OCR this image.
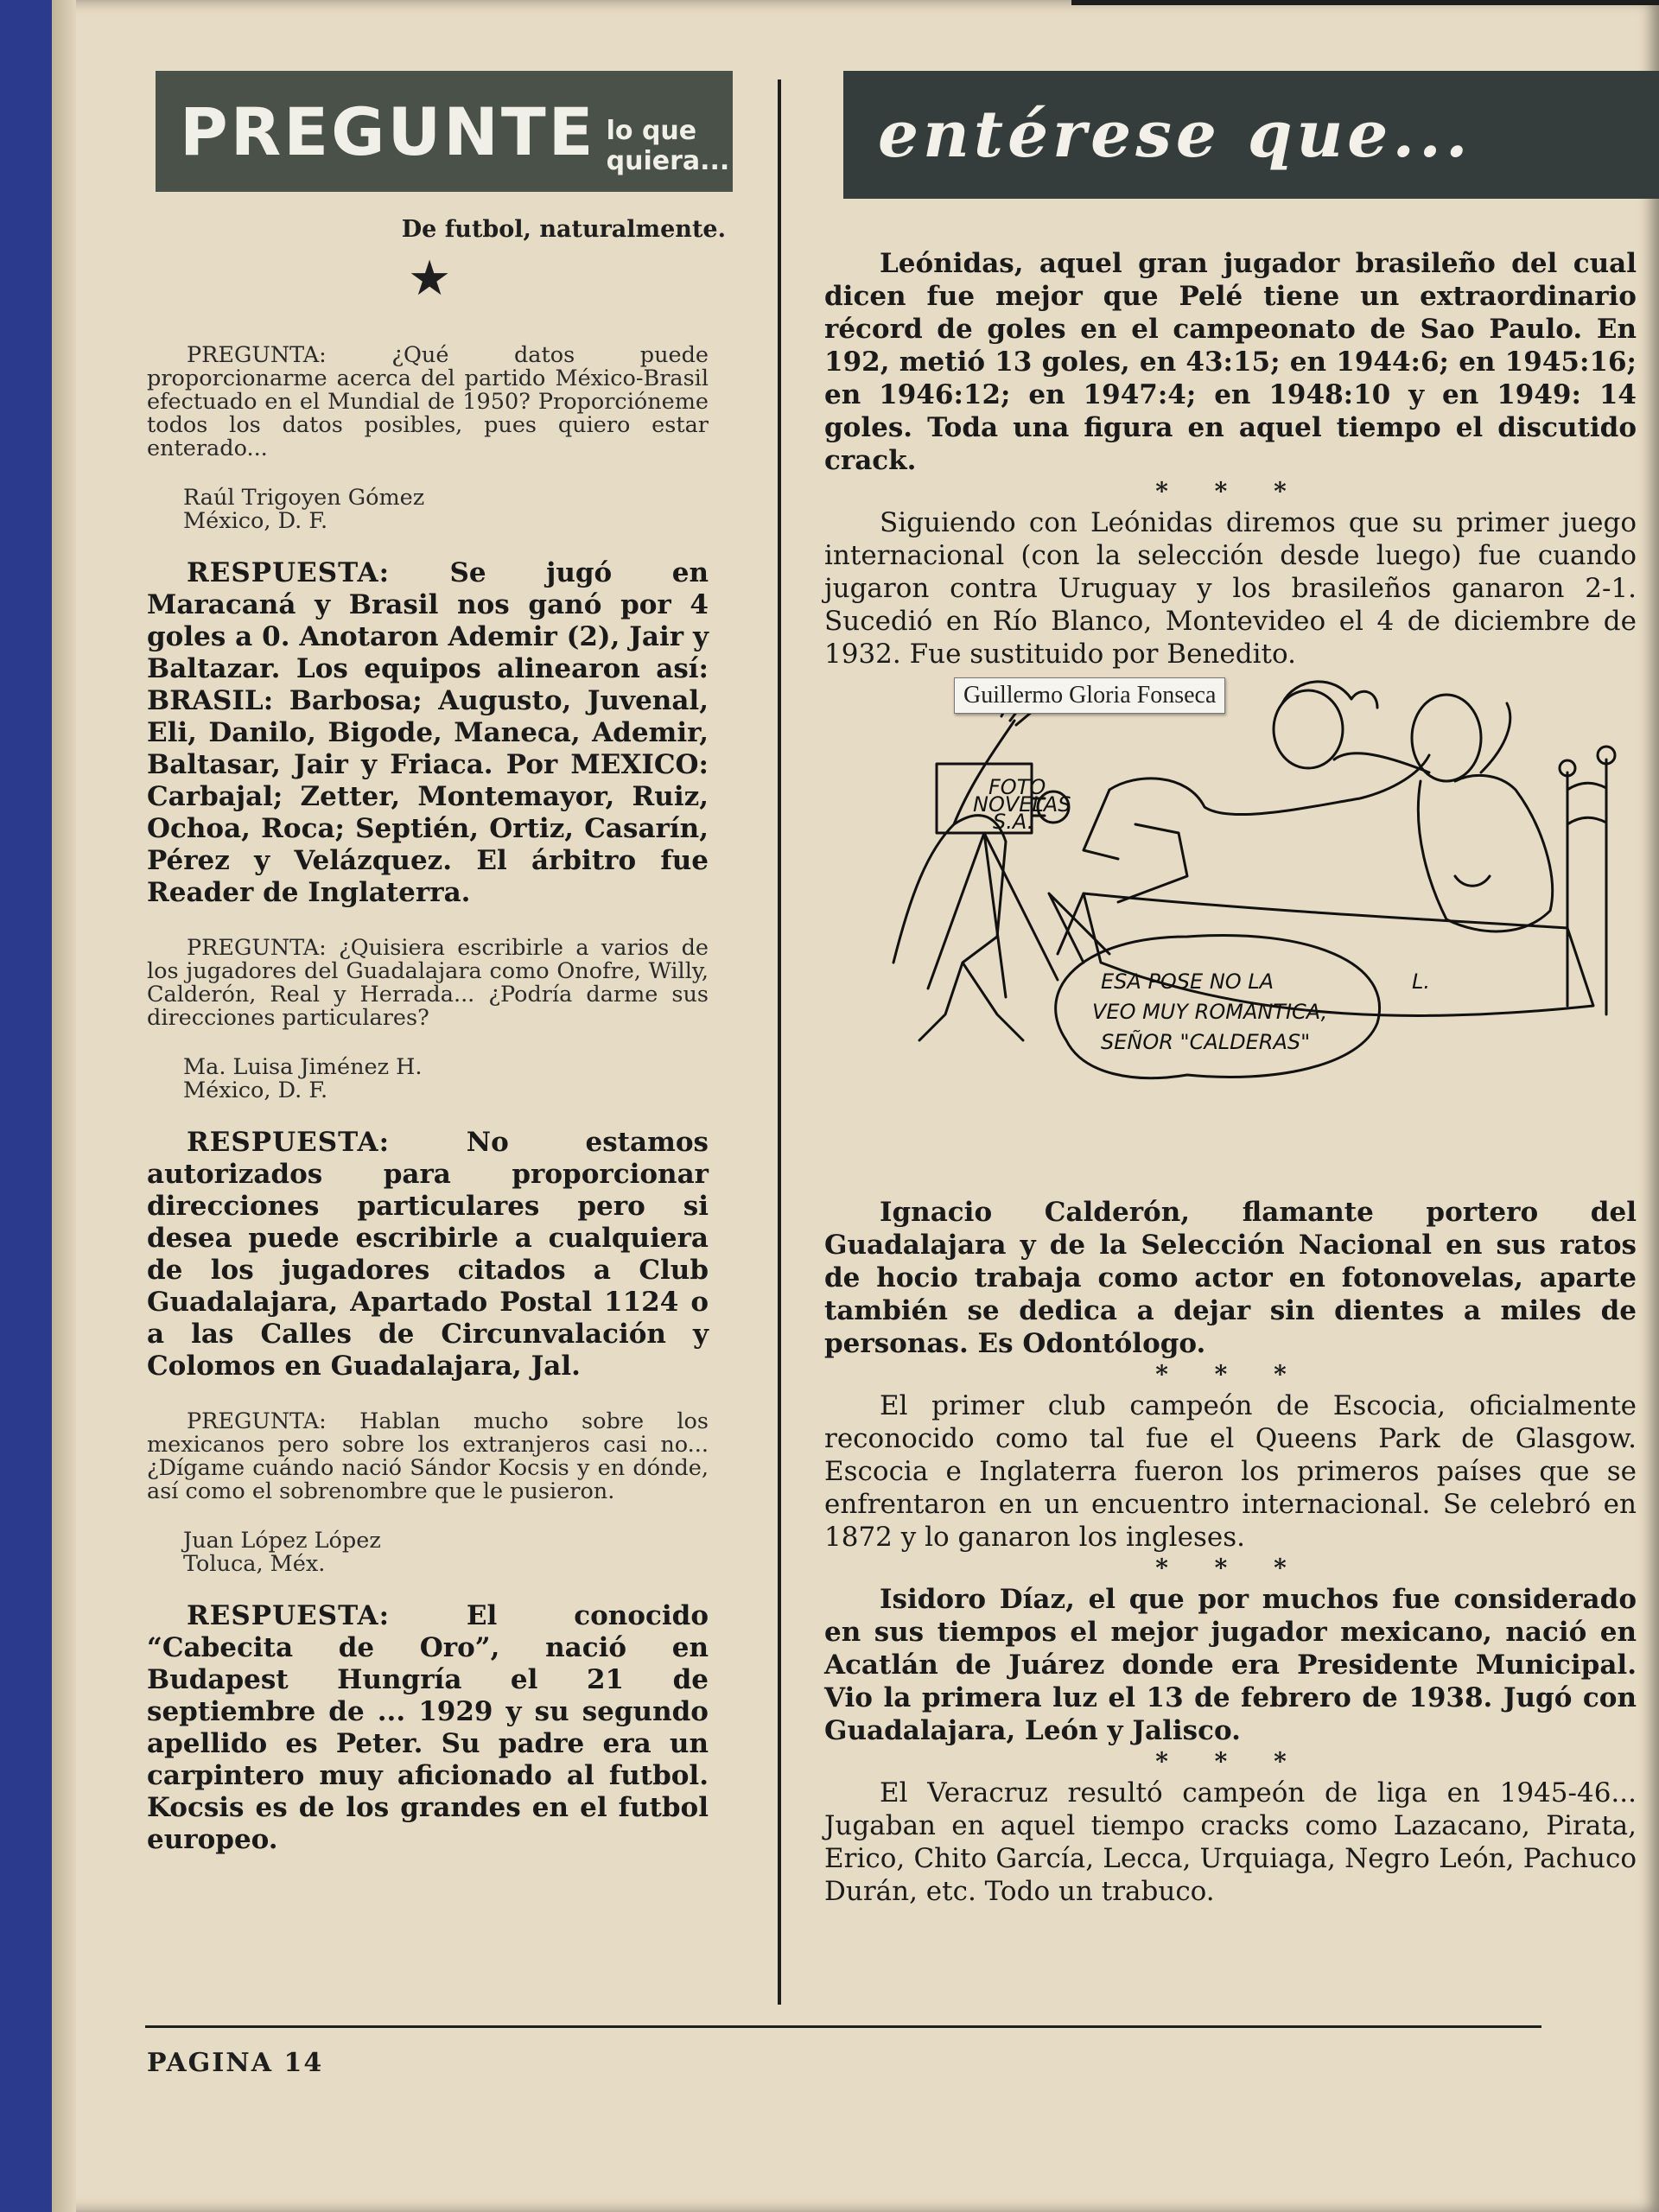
PREGUNTE lo que quiera...
De futbol, naturalmente.
★
entérese que...

PREGUNTA: ¿Qué datos puede proporcionarme acerca del partido México-Brasil efectuado en el Mundial de 1950? Proporcióneme todos los datos posibles, pues quiero estar enterado...

Raúl Trigoyen Gómez
México, D. F.

RESPUESTA: Se jugó en Maracaná y Brasil nos ganó por 4 goles a 0. Anotaron Ademir (2), Jair y Baltazar. Los equipos alinearon así: BRASIL: Barbosa; Augusto, Juvenal, Eli, Danilo, Bigode, Maneca, Ademir, Baltasar, Jair y Friaca. Por MEXICO: Carbajal; Zetter, Montemayor, Ruiz, Ochoa, Roca; Septién, Ortiz, Casarín, Pérez y Velázquez. El árbitro fue Reader de Inglaterra.

PREGUNTA: ¿Quisiera escribirle a varios de los jugadores del Guadalajara como Onofre, Willy, Calderón, Real y Herrada... ¿Podría darme sus direcciones particulares?

Ma. Luisa Jiménez H.
México, D. F.

RESPUESTA:	No estamos autorizados para proporcionar direcciones particulares pero si desea puede escribirle a cualquiera de los jugadores citados a Club Guadalajara, Apartado Postal 1124 o a las Calles de Circunvalación y Colomos en Guadalajara, Jal.

PREGUNTA: Hablan mucho sobre los mexicanos pero sobre los extranjeros casi no... ¿Dígame cuándo nació Sándor Kocsis y en dónde, así como el sobrenombre que le pusieron.

Juan López López
Toluca, Méx.

RESPUESTA:	El conocido “Cabecita de Oro”, nació en Budapest Hungría el 21 de septiembre de ... 1929 y su segundo apellido es Peter. Su padre era un carpintero muy aficionado al futbol. Kocsis es de los grandes en el futbol europeo.

Leónidas, aquel gran jugador brasileño del cual dicen fue mejor que Pelé tiene un extraordinario récord de goles en el campeonato de Sao Paulo. En 192, metió 13 goles, en 43:15; en 1944:6; en 1945:16; en 1946:12; en 1947:4; en 1948:10 y en 1949: 14 goles. Toda una figura en aquel tiempo el discutido crack.

* * *

Siguiendo con Leónidas diremos que su primer juego internacional (con la selección desde luego) fue cuando jugaron contra Uruguay y los brasileños ganaron 2-1. Sucedió en Río Blanco, Montevideo el 4 de diciembre de 1932. Fue sustituido por Benedito.

Guillermo Gloria Fonseca
FOTO
NOVELAS
S.A.
ESA POSE NO LA
VEO MUY ROMANTICA,
SEÑOR "CALDERAS"
L.

Ignacio Calderón, flamante portero del Guadalajara y de la Selección Nacional en sus ratos de hocio trabaja como actor en fotonovelas, aparte también se dedica a dejar sin dientes a miles de personas. Es Odontólogo.

* * *

El primer club campeón de Escocia, oficialmente reconocido como tal fue el Queens Park de Glasgow. Escocia e Inglaterra fueron los primeros países que se enfrentaron en un encuentro internacional. Se celebró en 1872 y lo ganaron los ingleses.

* * *

Isidoro Díaz, el que por muchos fue considerado en sus tiempos el mejor jugador mexicano, nació en Acatlán de Juárez donde era Presidente Municipal. Vio la primera luz el 13 de febrero de 1938. Jugó con Guadalajara, León y Jalisco.

* * *

El Veracruz resultó campeón de liga en 1945-46... Jugaban en aquel tiempo cracks como Lazacano, Pirata, Erico, Chito García, Lecca, Urquiaga, Negro León, Pachuco Durán, etc. Todo un trabuco.

PAGINA 14
